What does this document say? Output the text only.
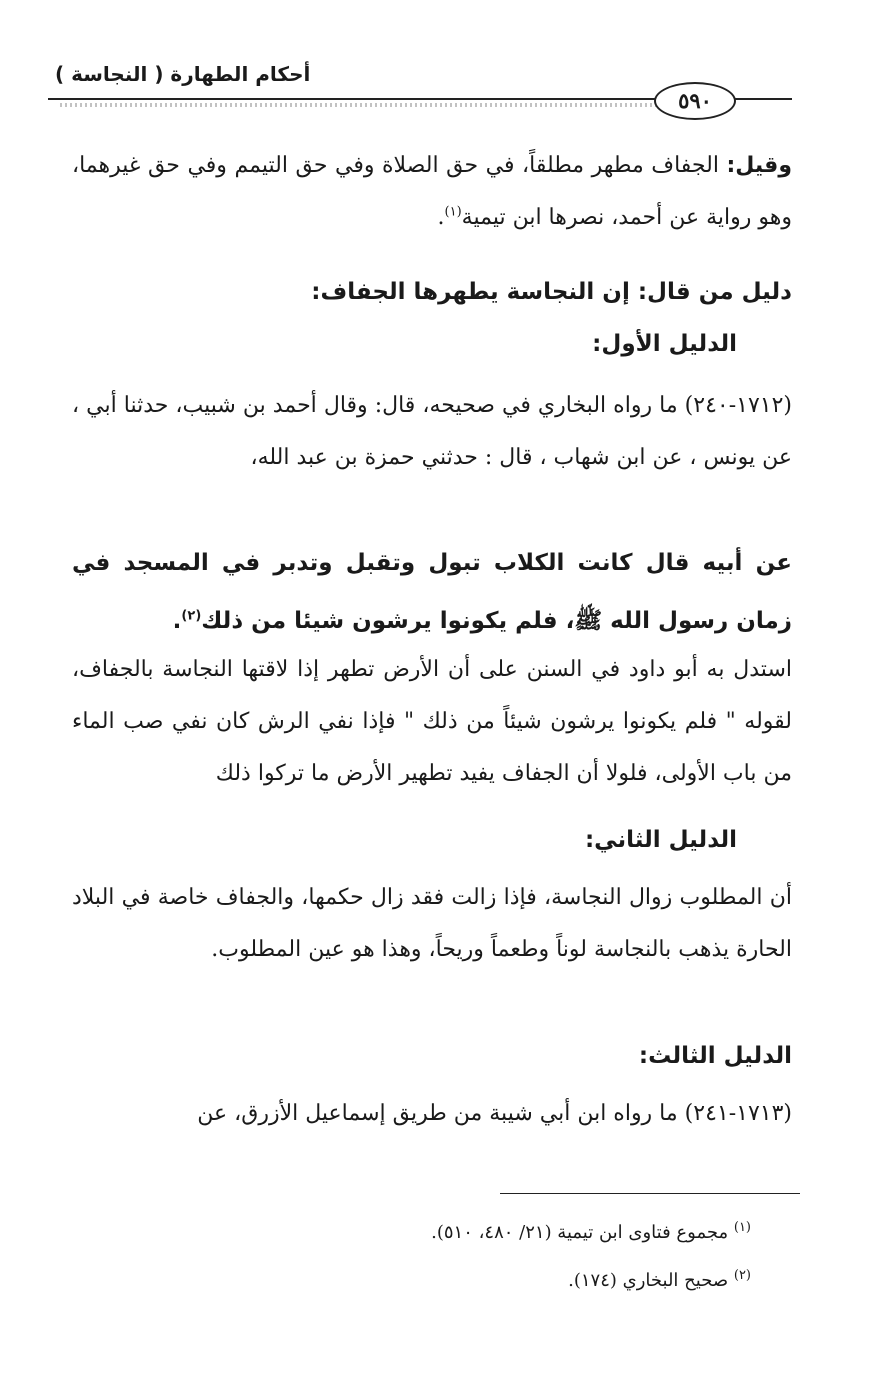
أحكام الطهارة ( النجاسة )
٥٩٠

وقيل: الجفاف مطهر مطلقاً، في حق الصلاة وفي حق التيمم وفي حق غيرهما، وهو رواية عن أحمد، نصرها ابن تيمية$^{(١)}$.

دليل من قال: إن النجاسة يطهرها الجفاف:
الدليل الأول:

(١٧١٢-٢٤٠) ما رواه البخاري في صحيحه، قال: وقال أحمد بن شبيب، حدثنا أبي ، عن يونس ، عن ابن شهاب ، قال : حدثني حمزة بن عبد الله،

عن أبيه قال كانت الكلاب تبول وتقبل وتدبر في المسجد في زمان رسول الله ﷺ، فلم يكونوا يرشون شيئا من ذلك$^{(٢)}$.

استدل به أبو داود في السنن على أن الأرض تطهر إذا لاقتها النجاسة بالجفاف، لقوله " فلم يكونوا يرشون شيئاً من ذلك " فإذا نفي الرش كان نفي صب الماء من باب الأولى، فلولا أن الجفاف يفيد تطهير الأرض ما تركوا ذلك

الدليل الثاني:

أن المطلوب زوال النجاسة، فإذا زالت فقد زال حكمها، والجفاف خاصة في البلاد الحارة يذهب بالنجاسة لوناً وطعماً وريحاً، وهذا هو عين المطلوب.

الدليل الثالث:

(١٧١٣-٢٤١) ما رواه ابن أبي شيبة من طريق إسماعيل الأزرق، عن

$^{(١)}$ مجموع فتاوى ابن تيمية (٢١/ ٤٨٠، ٥١٠).

$^{(٢)}$ صحيح البخاري (١٧٤).
